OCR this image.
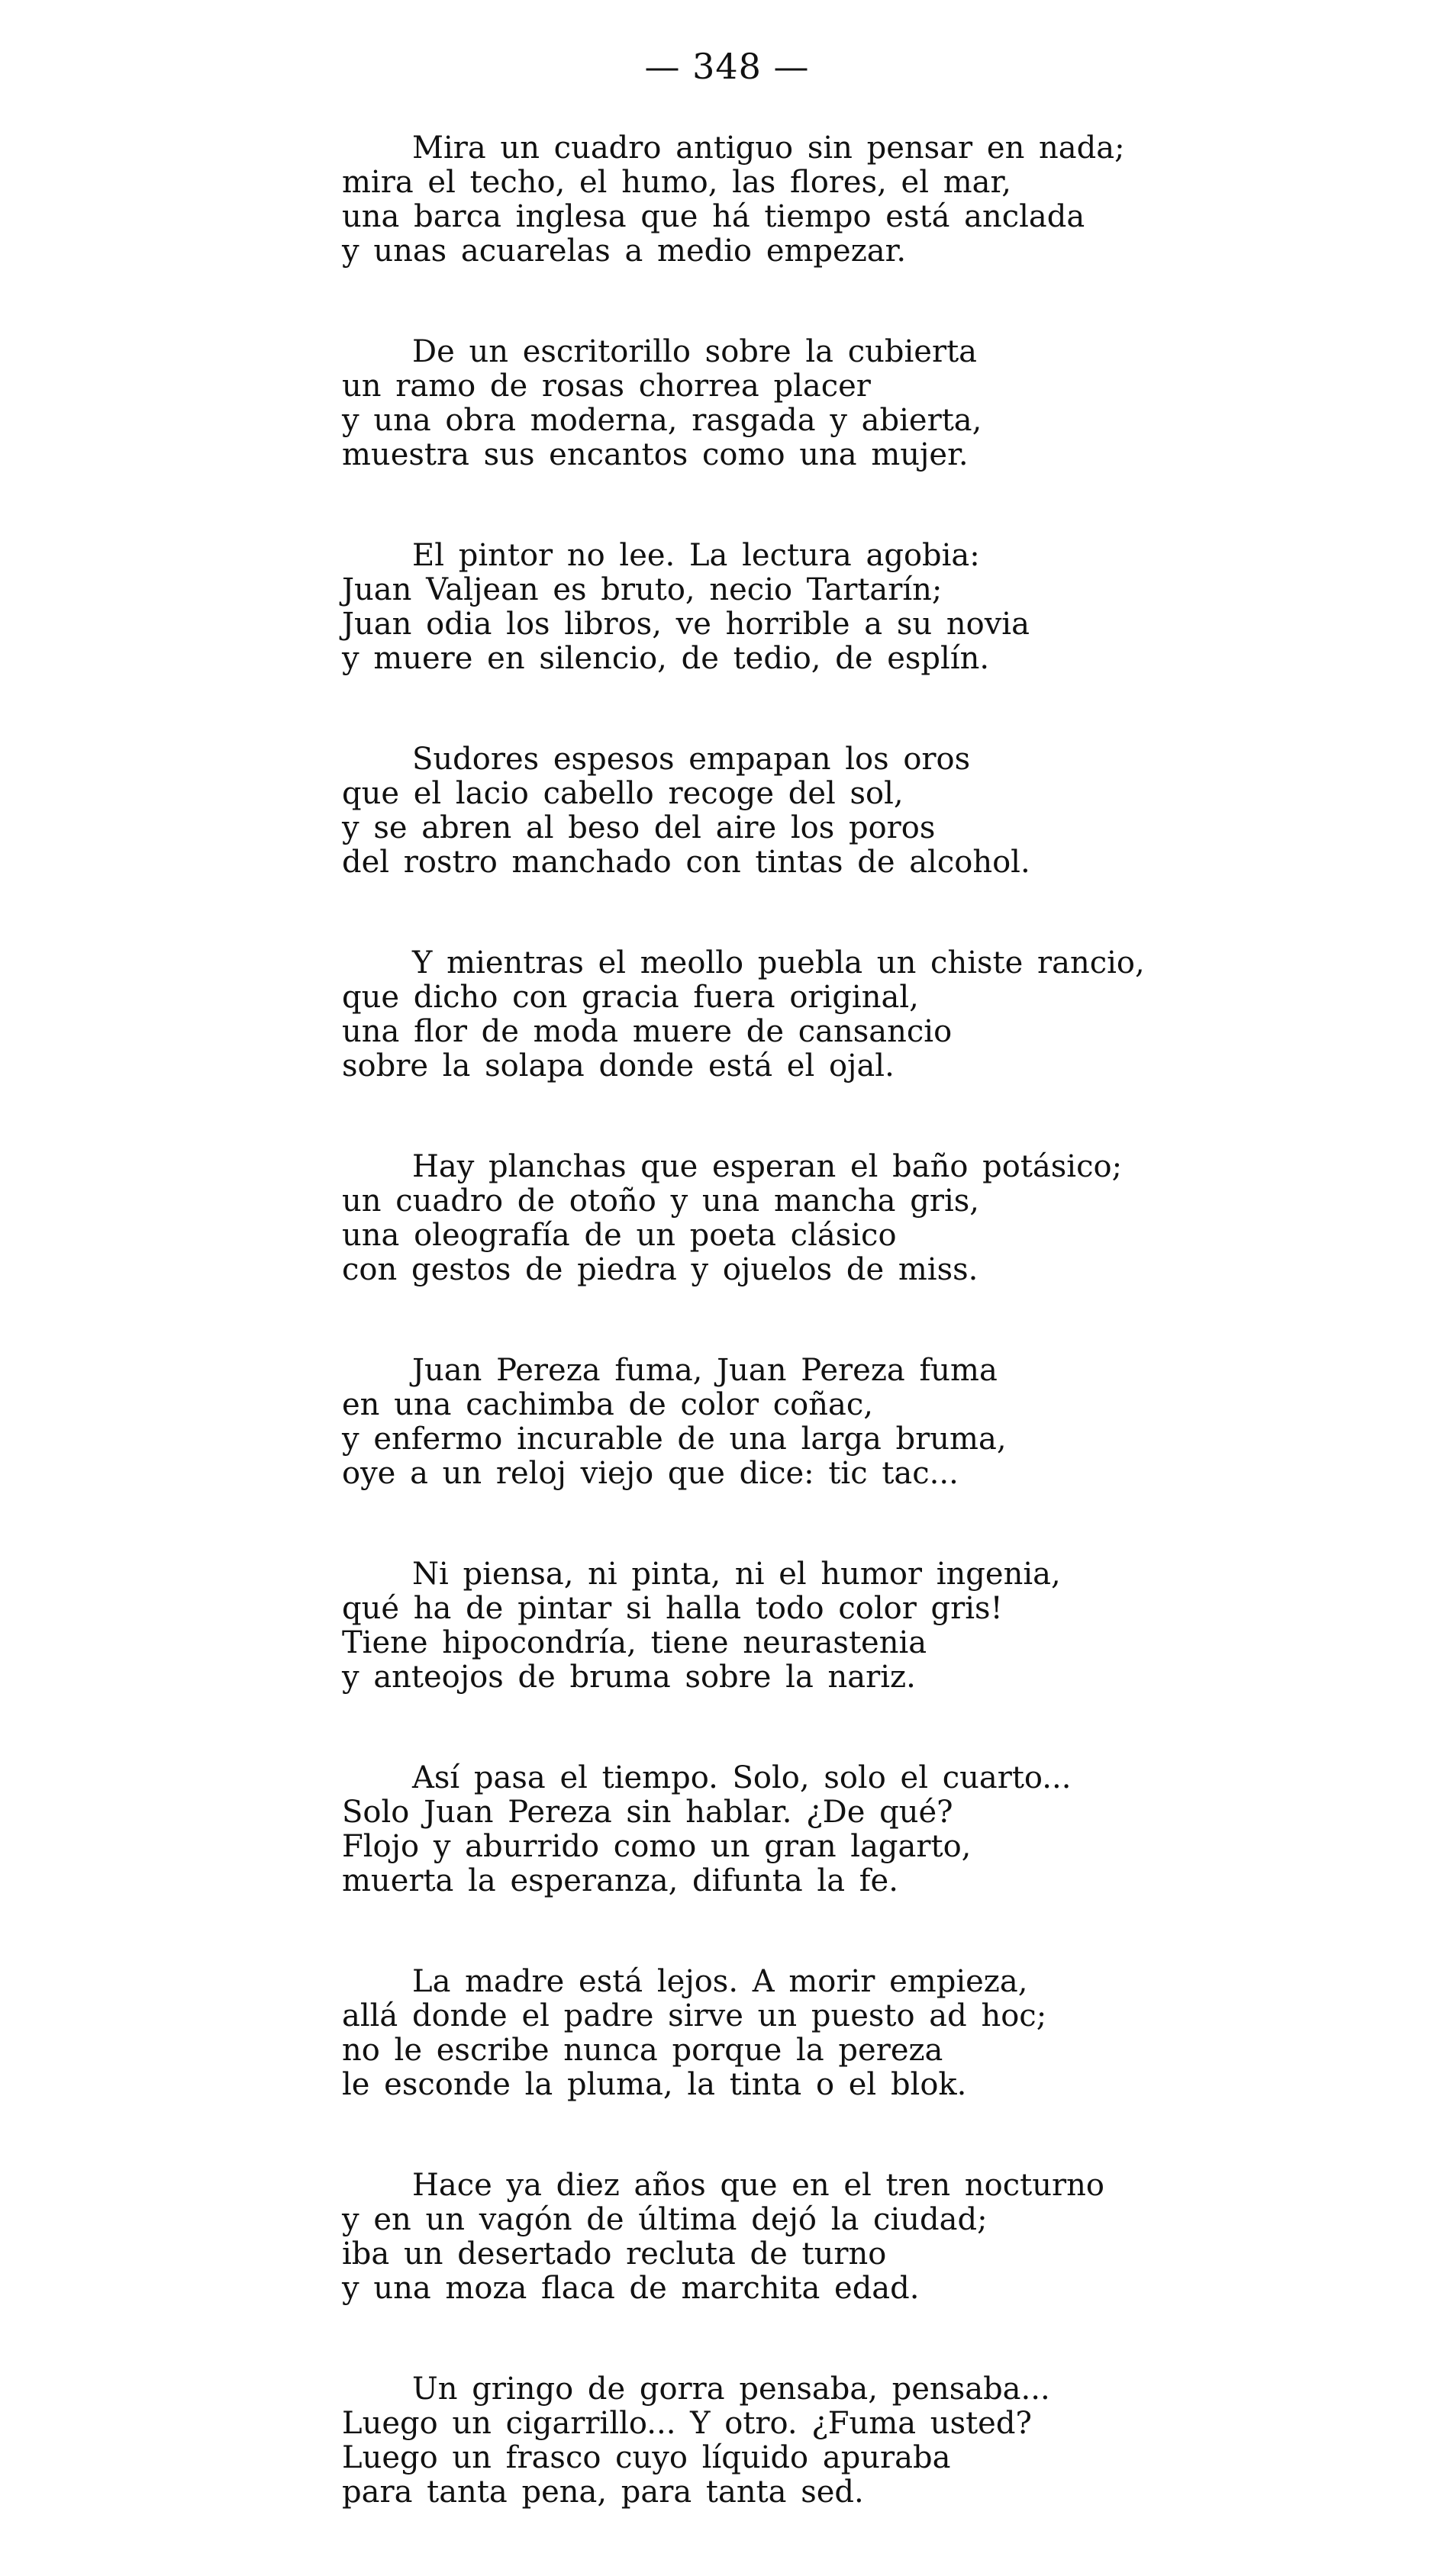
— 348 —
Mira un cuadro antiguo sin pensar en nada;
mira el techo, el humo, las flores, el mar,
una barca inglesa que há tiempo está anclada
y unas acuarelas a medio empezar.
De un escritorillo sobre la cubierta
un ramo de rosas chorrea placer
y una obra moderna, rasgada y abierta,
muestra sus encantos como una mujer.
El pintor no lee. La lectura agobia:
Juan Valjean es bruto, necio Tartarín;
Juan odia los libros, ve horrible a su novia
y muere en silencio, de tedio, de esplín.
Sudores espesos empapan los oros
que el lacio cabello recoge del sol,
y se abren al beso del aire los poros
del rostro manchado con tintas de alcohol.
Y mientras el meollo puebla un chiste rancio,
que dicho con gracia fuera original,
una flor de moda muere de cansancio
sobre la solapa donde está el ojal.
Hay planchas que esperan el baño potásico;
un cuadro de otoño y una mancha gris,
una oleografía de un poeta clásico
con gestos de piedra y ojuelos de miss.
Juan Pereza fuma, Juan Pereza fuma
en una cachimba de color coñac,
y enfermo incurable de una larga bruma,
oye a un reloj viejo que dice: tic tac...
Ni piensa, ni pinta, ni el humor ingenia,
qué ha de pintar si halla todo color gris!
Tiene hipocondría, tiene neurastenia
y anteojos de bruma sobre la nariz.
Así pasa el tiempo. Solo, solo el cuarto...
Solo Juan Pereza sin hablar. ¿De qué?
Flojo y aburrido como un gran lagarto,
muerta la esperanza, difunta la fe.
La madre está lejos. A morir empieza,
allá donde el padre sirve un puesto ad hoc;
no le escribe nunca porque la pereza
le esconde la pluma, la tinta o el blok.
Hace ya diez años que en el tren nocturno
y en un vagón de última dejó la ciudad;
iba un desertado recluta de turno
y una moza flaca de marchita edad.
Un gringo de gorra pensaba, pensaba...
Luego un cigarrillo... Y otro. ¿Fuma usted?
Luego un frasco cuyo líquido apuraba
para tanta pena, para tanta sed.
